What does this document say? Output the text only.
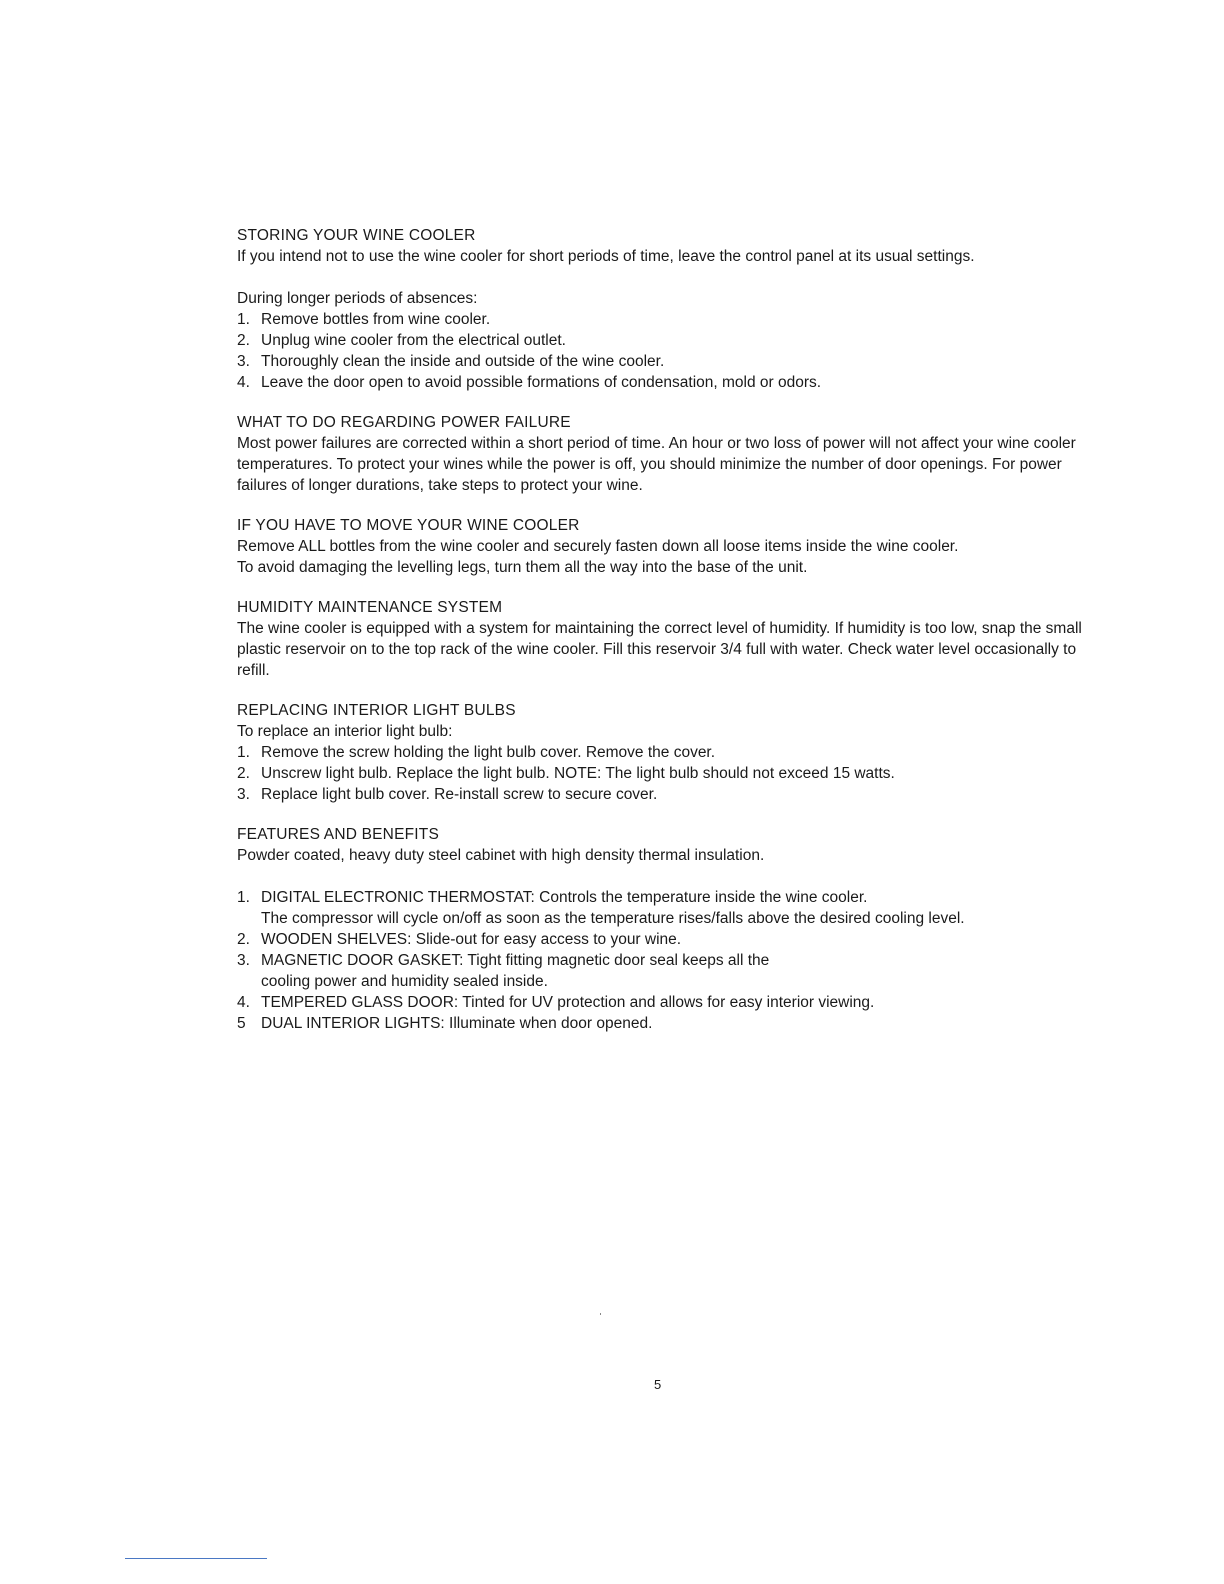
STORING YOUR WINE COOLER
If you intend not to use the wine cooler for short periods of time, leave the control panel at its usual settings.
During longer periods of absences:
1. Remove bottles from wine cooler.
2. Unplug wine cooler from the electrical outlet.
3. Thoroughly clean the inside and outside of the wine cooler.
4. Leave the door open to avoid possible formations of condensation, mold or odors.
WHAT TO DO REGARDING POWER FAILURE
Most power failures are corrected within a short period of time. An hour or two loss of power will not affect your wine cooler temperatures. To protect your wines while the power is off, you should minimize the number of door openings. For power failures of longer durations, take steps to protect your wine.
IF YOU HAVE TO MOVE YOUR WINE COOLER
Remove ALL bottles from the wine cooler and securely fasten down all loose items inside the wine cooler.
To avoid damaging the levelling legs, turn them all the way into the base of the unit.
HUMIDITY MAINTENANCE SYSTEM
The wine cooler is equipped with a system for maintaining the correct level of humidity. If humidity is too low, snap the small plastic reservoir on to the top rack of the wine cooler. Fill this reservoir 3/4 full with water. Check water level occasionally to refill.
REPLACING INTERIOR LIGHT BULBS
To replace an interior light bulb:
1. Remove the screw holding the light bulb cover. Remove the cover.
2. Unscrew light bulb. Replace the light bulb. NOTE: The light bulb should not exceed 15 watts.
3. Replace light bulb cover. Re-install screw to secure cover.
FEATURES AND BENEFITS
Powder coated, heavy duty steel cabinet with high density thermal insulation.
1. DIGITAL ELECTRONIC THERMOSTAT: Controls the temperature inside the wine cooler.
The compressor will cycle on/off as soon as the temperature rises/falls above the desired cooling level.
2. WOODEN SHELVES: Slide-out for easy access to your wine.
3. MAGNETIC DOOR GASKET: Tight fitting magnetic door seal keeps all the
cooling power and humidity sealed inside.
4. TEMPERED GLASS DOOR: Tinted for UV protection and allows for easy interior viewing.
5 DUAL INTERIOR LIGHTS: Illuminate when door opened.
5
